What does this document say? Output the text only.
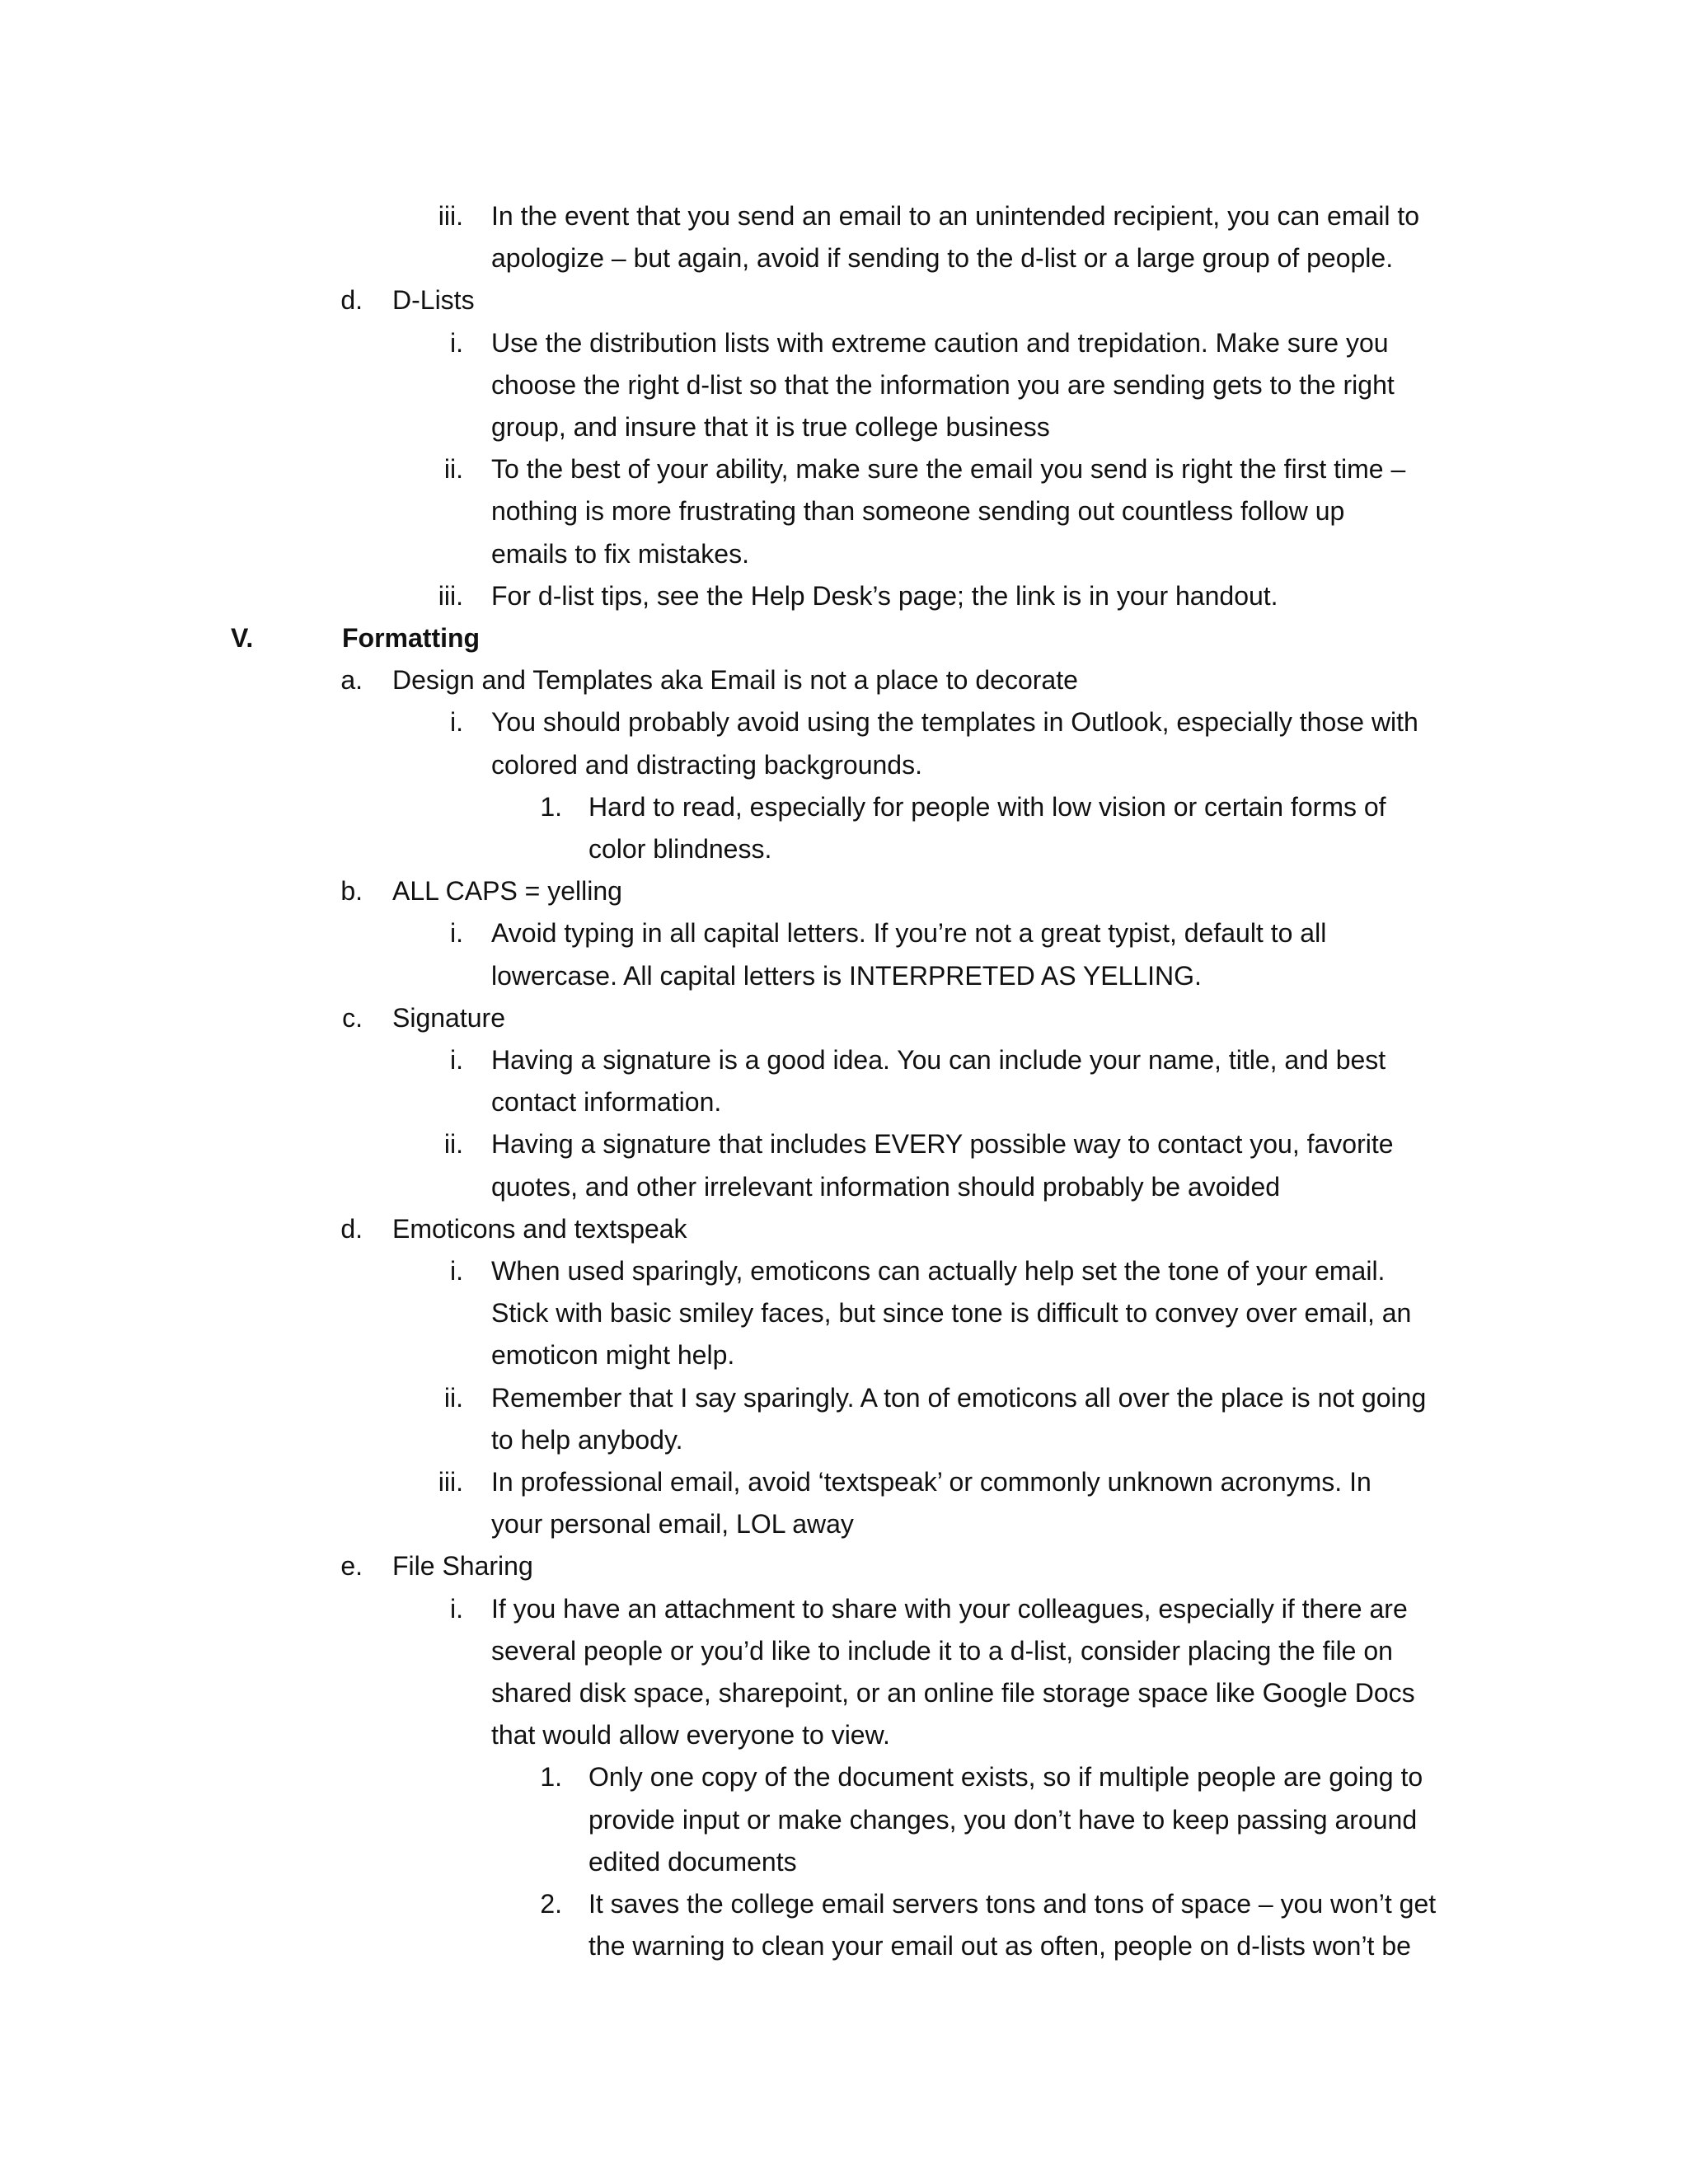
iii. In the event that you send an email to an unintended recipient, you can email to
apologize – but again, avoid if sending to the d-list or a large group of people.
d. D-Lists
i. Use the distribution lists with extreme caution and trepidation. Make sure you
choose the right d-list so that the information you are sending gets to the right
group, and insure that it is true college business
ii. To the best of your ability, make sure the email you send is right the first time –
nothing is more frustrating than someone sending out countless follow up
emails to fix mistakes.
iii. For d-list tips, see the Help Desk’s page; the link is in your handout.
V.	Formatting
a. Design and Templates aka Email is not a place to decorate
i. You should probably avoid using the templates in Outlook, especially those with
colored and distracting backgrounds.
1. Hard to read, especially for people with low vision or certain forms of
color blindness.
b. ALL CAPS = yelling
i. Avoid typing in all capital letters. If you’re not a great typist, default to all
lowercase. All capital letters is INTERPRETED AS YELLING.
c. Signature
i. Having a signature is a good idea. You can include your name, title, and best
contact information.
ii. Having a signature that includes EVERY possible way to contact you, favorite
quotes, and other irrelevant information should probably be avoided
d. Emoticons and textspeak
i. When used sparingly, emoticons can actually help set the tone of your email.
Stick with basic smiley faces, but since tone is difficult to convey over email, an
emoticon might help.
ii. Remember that I say sparingly. A ton of emoticons all over the place is not going
to help anybody.
iii. In professional email, avoid ‘textspeak’ or commonly unknown acronyms. In
your personal email, LOL away
e. File Sharing
i. If you have an attachment to share with your colleagues, especially if there are
several people or you’d like to include it to a d-list, consider placing the file on
shared disk space, sharepoint, or an online file storage space like Google Docs
that would allow everyone to view.
1. Only one copy of the document exists, so if multiple people are going to
provide input or make changes, you don’t have to keep passing around
edited documents
2. It saves the college email servers tons and tons of space – you won’t get
the warning to clean your email out as often, people on d-lists won’t be
